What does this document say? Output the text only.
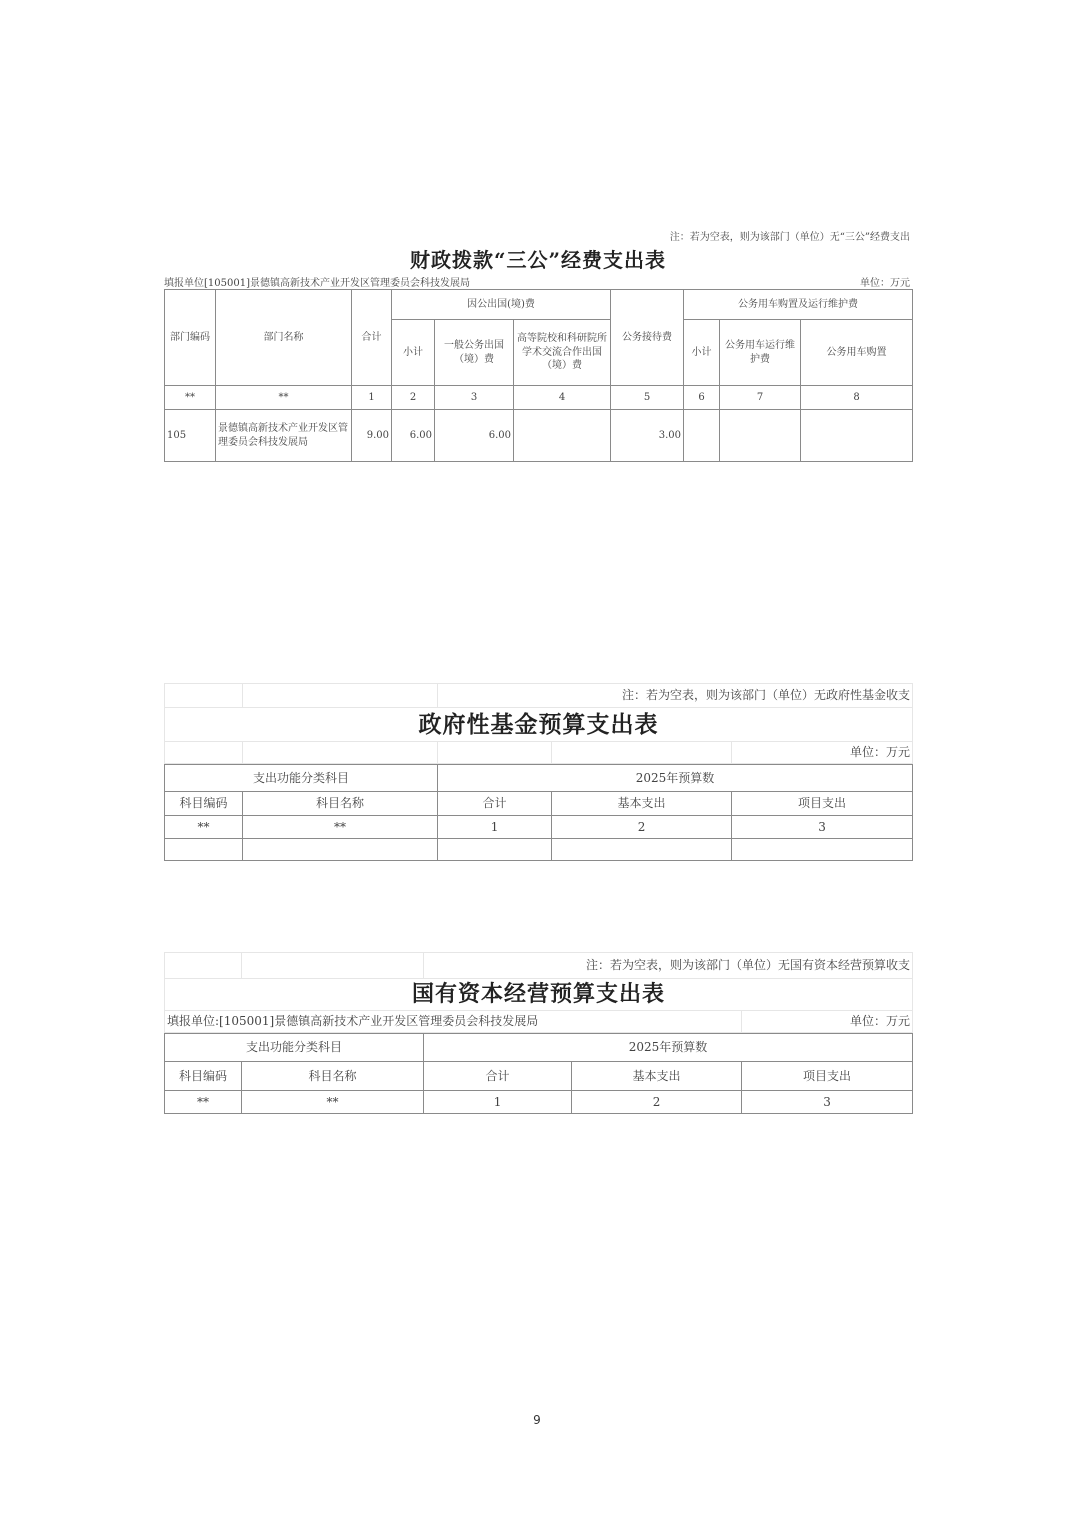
注：若为空表，则为该部门（单位）无“三公”经费支出
财政拨款“三公”经费支出表
填报单位[105001]景德镇高新技术产业开发区管理委员会科技发展局	单位：万元
部门编码	部门名称	合计	因公出国(境)费			公务接待费	公务用车购置及运行维护费		
			小计	一般公务出国（境）费	高等院校和科研院所学术交流合作出国（境）费		小计	公务用车运行维护费	公务用车购置
**	**	1	2	3	4	5	6	7	8
105	景德镇高新技术产业开发区管理委员会科技发展局	9.00	6.00	6.00		3.00			
		注：若为空表，则为该部门（单位）无政府性基金收支		
政府性基金预算支出表				
				单位：万元
支出功能分类科目		2025年预算数		
科目编码	科目名称	合计	基本支出	项目支出
**	**	1	2	3

		注：若为空表，则为该部门（单位）无国有资本经营预算收支	
国有资本经营预算支出表			
填报单位:[105001]景德镇高新技术产业开发区管理委员会科技发展局			单位：万元
支出功能分类科目		2025年预算数		
科目编码	科目名称	合计	基本支出	项目支出
**	**	1	2	3
9
